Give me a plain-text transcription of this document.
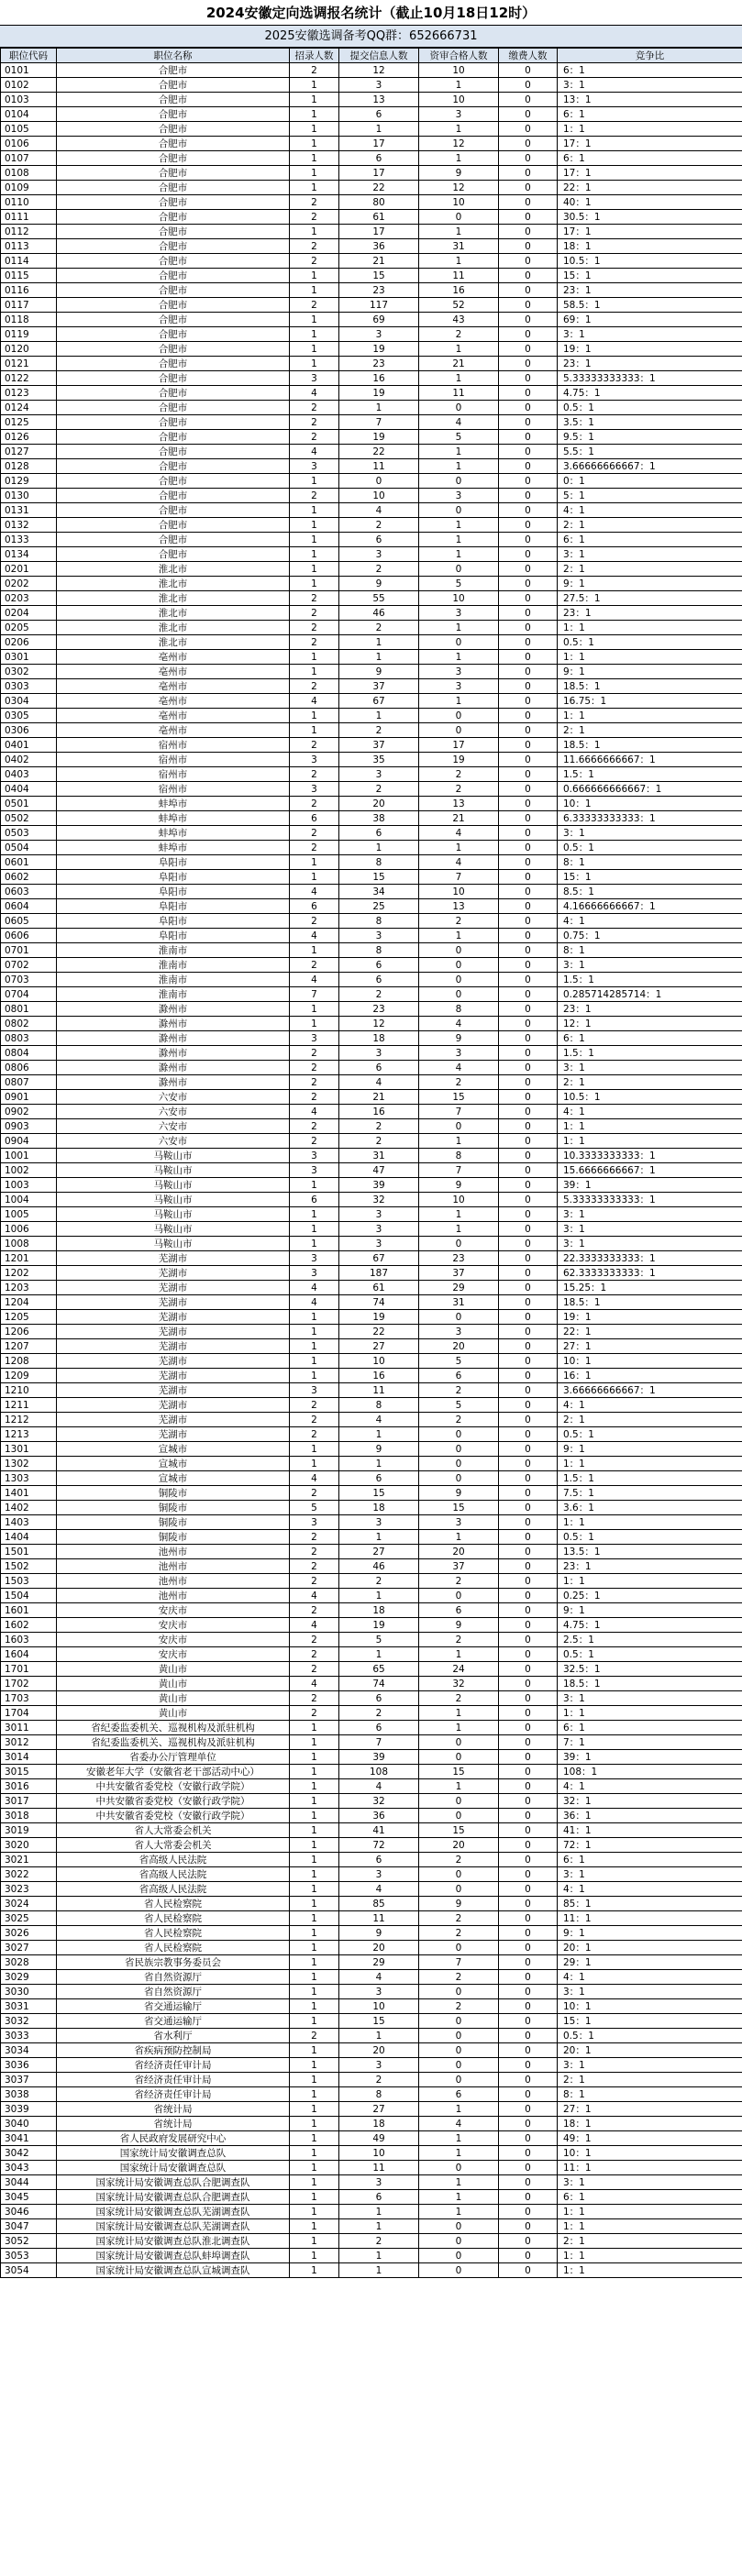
2024安徽定向选调报名统计（截止10月18日12时）
2025安徽选调备考QQ群：652666731
职位代码	职位名称	招录人数	提交信息人数	资审合格人数	缴费人数	竞争比
0101	合肥市	2	12	10	0	6：1
0102	合肥市	1	3	1	0	3：1
0103	合肥市	1	13	10	0	13：1
0104	合肥市	1	6	3	0	6：1
0105	合肥市	1	1	1	0	1：1
0106	合肥市	1	17	12	0	17：1
0107	合肥市	1	6	1	0	6：1
0108	合肥市	1	17	9	0	17：1
0109	合肥市	1	22	12	0	22：1
0110	合肥市	2	80	10	0	40：1
0111	合肥市	2	61	0	0	30.5：1
0112	合肥市	1	17	1	0	17：1
0113	合肥市	2	36	31	0	18：1
0114	合肥市	2	21	1	0	10.5：1
0115	合肥市	1	15	11	0	15：1
0116	合肥市	1	23	16	0	23：1
0117	合肥市	2	117	52	0	58.5：1
0118	合肥市	1	69	43	0	69：1
0119	合肥市	1	3	2	0	3：1
0120	合肥市	1	19	1	0	19：1
0121	合肥市	1	23	21	0	23：1
0122	合肥市	3	16	1	0	5.33333333333：1
0123	合肥市	4	19	11	0	4.75：1
0124	合肥市	2	1	0	0	0.5：1
0125	合肥市	2	7	4	0	3.5：1
0126	合肥市	2	19	5	0	9.5：1
0127	合肥市	4	22	1	0	5.5：1
0128	合肥市	3	11	1	0	3.66666666667：1
0129	合肥市	1	0	0	0	0：1
0130	合肥市	2	10	3	0	5：1
0131	合肥市	1	4	0	0	4：1
0132	合肥市	1	2	1	0	2：1
0133	合肥市	1	6	1	0	6：1
0134	合肥市	1	3	1	0	3：1
0201	淮北市	1	2	0	0	2：1
0202	淮北市	1	9	5	0	9：1
0203	淮北市	2	55	10	0	27.5：1
0204	淮北市	2	46	3	0	23：1
0205	淮北市	2	2	1	0	1：1
0206	淮北市	2	1	0	0	0.5：1
0301	亳州市	1	1	1	0	1：1
0302	亳州市	1	9	3	0	9：1
0303	亳州市	2	37	3	0	18.5：1
0304	亳州市	4	67	1	0	16.75：1
0305	亳州市	1	1	0	0	1：1
0306	亳州市	1	2	0	0	2：1
0401	宿州市	2	37	17	0	18.5：1
0402	宿州市	3	35	19	0	11.6666666667：1
0403	宿州市	2	3	2	0	1.5：1
0404	宿州市	3	2	2	0	0.666666666667：1
0501	蚌埠市	2	20	13	0	10：1
0502	蚌埠市	6	38	21	0	6.33333333333：1
0503	蚌埠市	2	6	4	0	3：1
0504	蚌埠市	2	1	1	0	0.5：1
0601	阜阳市	1	8	4	0	8：1
0602	阜阳市	1	15	7	0	15：1
0603	阜阳市	4	34	10	0	8.5：1
0604	阜阳市	6	25	13	0	4.16666666667：1
0605	阜阳市	2	8	2	0	4：1
0606	阜阳市	4	3	1	0	0.75：1
0701	淮南市	1	8	0	0	8：1
0702	淮南市	2	6	0	0	3：1
0703	淮南市	4	6	0	0	1.5：1
0704	淮南市	7	2	0	0	0.285714285714：1
0801	滁州市	1	23	8	0	23：1
0802	滁州市	1	12	4	0	12：1
0803	滁州市	3	18	9	0	6：1
0804	滁州市	2	3	3	0	1.5：1
0806	滁州市	2	6	4	0	3：1
0807	滁州市	2	4	2	0	2：1
0901	六安市	2	21	15	0	10.5：1
0902	六安市	4	16	7	0	4：1
0903	六安市	2	2	0	0	1：1
0904	六安市	2	2	1	0	1：1
1001	马鞍山市	3	31	8	0	10.3333333333：1
1002	马鞍山市	3	47	7	0	15.6666666667：1
1003	马鞍山市	1	39	9	0	39：1
1004	马鞍山市	6	32	10	0	5.33333333333：1
1005	马鞍山市	1	3	1	0	3：1
1006	马鞍山市	1	3	1	0	3：1
1008	马鞍山市	1	3	0	0	3：1
1201	芜湖市	3	67	23	0	22.3333333333：1
1202	芜湖市	3	187	37	0	62.3333333333：1
1203	芜湖市	4	61	29	0	15.25：1
1204	芜湖市	4	74	31	0	18.5：1
1205	芜湖市	1	19	0	0	19：1
1206	芜湖市	1	22	3	0	22：1
1207	芜湖市	1	27	20	0	27：1
1208	芜湖市	1	10	5	0	10：1
1209	芜湖市	1	16	6	0	16：1
1210	芜湖市	3	11	2	0	3.66666666667：1
1211	芜湖市	2	8	5	0	4：1
1212	芜湖市	2	4	2	0	2：1
1213	芜湖市	2	1	0	0	0.5：1
1301	宣城市	1	9	0	0	9：1
1302	宣城市	1	1	0	0	1：1
1303	宣城市	4	6	0	0	1.5：1
1401	铜陵市	2	15	9	0	7.5：1
1402	铜陵市	5	18	15	0	3.6：1
1403	铜陵市	3	3	3	0	1：1
1404	铜陵市	2	1	1	0	0.5：1
1501	池州市	2	27	20	0	13.5：1
1502	池州市	2	46	37	0	23：1
1503	池州市	2	2	2	0	1：1
1504	池州市	4	1	0	0	0.25：1
1601	安庆市	2	18	6	0	9：1
1602	安庆市	4	19	9	0	4.75：1
1603	安庆市	2	5	2	0	2.5：1
1604	安庆市	2	1	1	0	0.5：1
1701	黄山市	2	65	24	0	32.5：1
1702	黄山市	4	74	32	0	18.5：1
1703	黄山市	2	6	2	0	3：1
1704	黄山市	2	2	1	0	1：1
3011	省纪委监委机关、巡视机构及派驻机构	1	6	1	0	6：1
3012	省纪委监委机关、巡视机构及派驻机构	1	7	0	0	7：1
3014	省委办公厅管理单位	1	39	0	0	39：1
3015	安徽老年大学（安徽省老干部活动中心）	1	108	15	0	108：1
3016	中共安徽省委党校（安徽行政学院）	1	4	1	0	4：1
3017	中共安徽省委党校（安徽行政学院）	1	32	0	0	32：1
3018	中共安徽省委党校（安徽行政学院）	1	36	0	0	36：1
3019	省人大常委会机关	1	41	15	0	41：1
3020	省人大常委会机关	1	72	20	0	72：1
3021	省高级人民法院	1	6	2	0	6：1
3022	省高级人民法院	1	3	0	0	3：1
3023	省高级人民法院	1	4	0	0	4：1
3024	省人民检察院	1	85	9	0	85：1
3025	省人民检察院	1	11	2	0	11：1
3026	省人民检察院	1	9	2	0	9：1
3027	省人民检察院	1	20	0	0	20：1
3028	省民族宗教事务委员会	1	29	7	0	29：1
3029	省自然资源厅	1	4	2	0	4：1
3030	省自然资源厅	1	3	0	0	3：1
3031	省交通运输厅	1	10	2	0	10：1
3032	省交通运输厅	1	15	0	0	15：1
3033	省水利厅	2	1	0	0	0.5：1
3034	省疾病预防控制局	1	20	0	0	20：1
3036	省经济责任审计局	1	3	0	0	3：1
3037	省经济责任审计局	1	2	0	0	2：1
3038	省经济责任审计局	1	8	6	0	8：1
3039	省统计局	1	27	1	0	27：1
3040	省统计局	1	18	4	0	18：1
3041	省人民政府发展研究中心	1	49	1	0	49：1
3042	国家统计局安徽调查总队	1	10	1	0	10：1
3043	国家统计局安徽调查总队	1	11	0	0	11：1
3044	国家统计局安徽调查总队合肥调查队	1	3	1	0	3：1
3045	国家统计局安徽调查总队合肥调查队	1	6	1	0	6：1
3046	国家统计局安徽调查总队芜湖调查队	1	1	1	0	1：1
3047	国家统计局安徽调查总队芜湖调查队	1	1	0	0	1：1
3052	国家统计局安徽调查总队淮北调查队	1	2	0	0	2：1
3053	国家统计局安徽调查总队蚌埠调查队	1	1	0	0	1：1
3054	国家统计局安徽调查总队宣城调查队	1	1	0	0	1：1
